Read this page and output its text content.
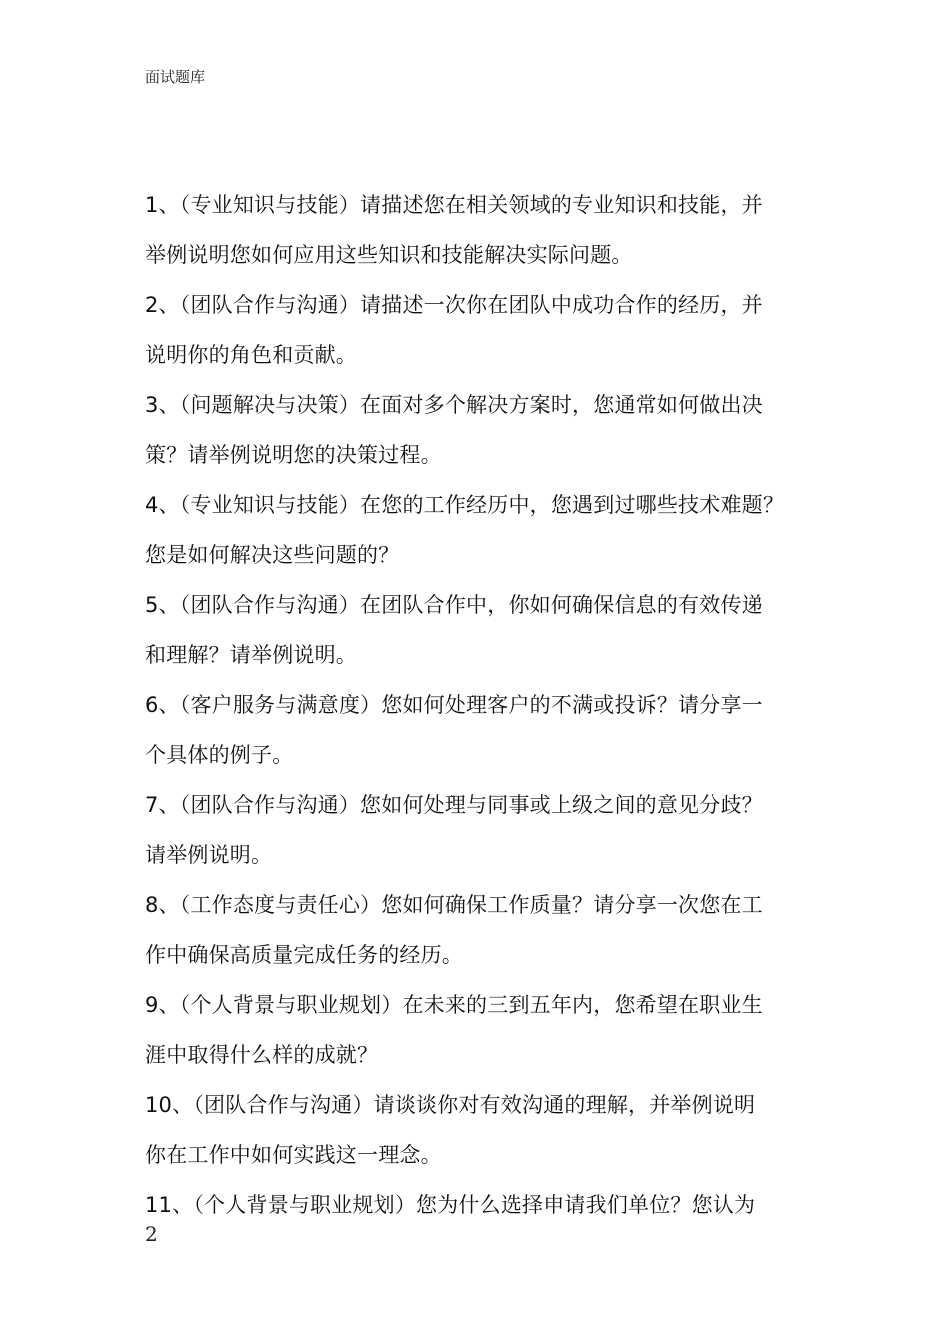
面试题库
1、（专业知识与技能）请描述您在相关领域的专业知识和技能，并
举例说明您如何应用这些知识和技能解决实际问题。
2、（团队合作与沟通）请描述一次你在团队中成功合作的经历，并
说明你的角色和贡献。
3、（问题解决与决策）在面对多个解决方案时，您通常如何做出决
策？请举例说明您的决策过程。
4、（专业知识与技能）在您的工作经历中，您遇到过哪些技术难题？
您是如何解决这些问题的？
5、（团队合作与沟通）在团队合作中，你如何确保信息的有效传递
和理解？请举例说明。
6、（客户服务与满意度）您如何处理客户的不满或投诉？请分享一
个具体的例子。
7、（团队合作与沟通）您如何处理与同事或上级之间的意见分歧？
请举例说明。
8、（工作态度与责任心）您如何确保工作质量？请分享一次您在工
作中确保高质量完成任务的经历。
9、（个人背景与职业规划）在未来的三到五年内，您希望在职业生
涯中取得什么样的成就？
10、（团队合作与沟通）请谈谈你对有效沟通的理解，并举例说明
你在工作中如何实践这一理念。
11、（个人背景与职业规划）您为什么选择申请我们单位？您认为
2
